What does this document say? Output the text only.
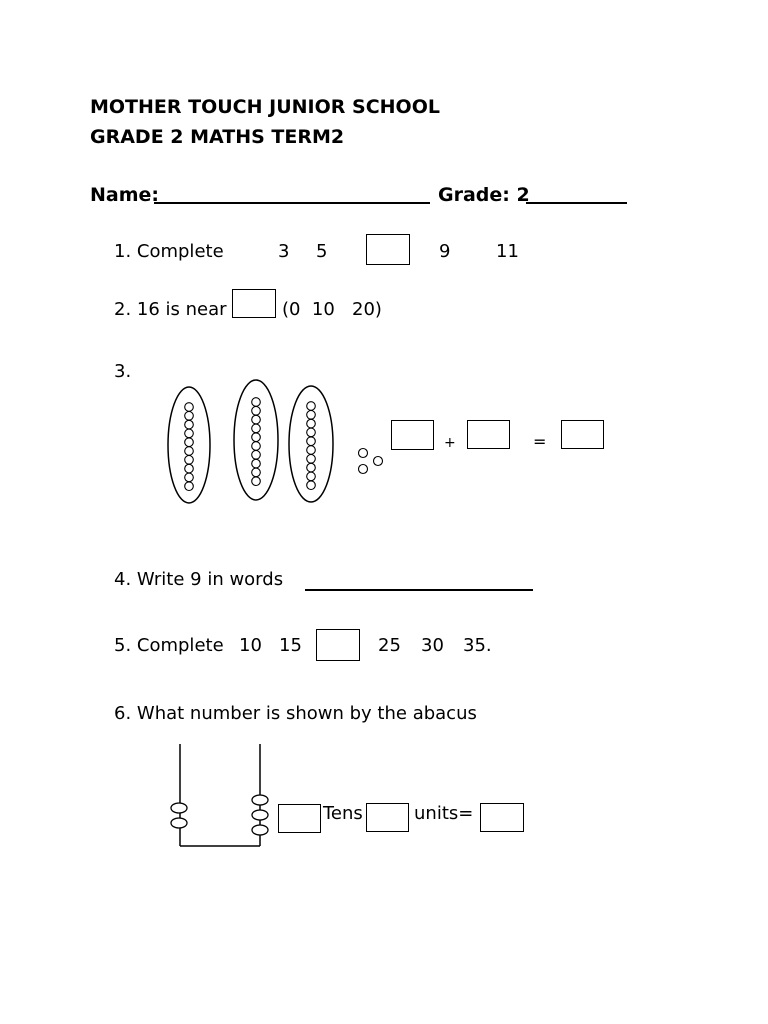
MOTHER TOUCH JUNIOR SCHOOL
GRADE 2 MATHS TERM2
Name:	Grade: 2
1. Complete	3 5	9	11
2. 16 is near	(0  10   20)
3.
+	=
4. Write 9 in words
5. Complete 10 15	25 30 35.
6. What number is shown by the abacus
Tens	units=
